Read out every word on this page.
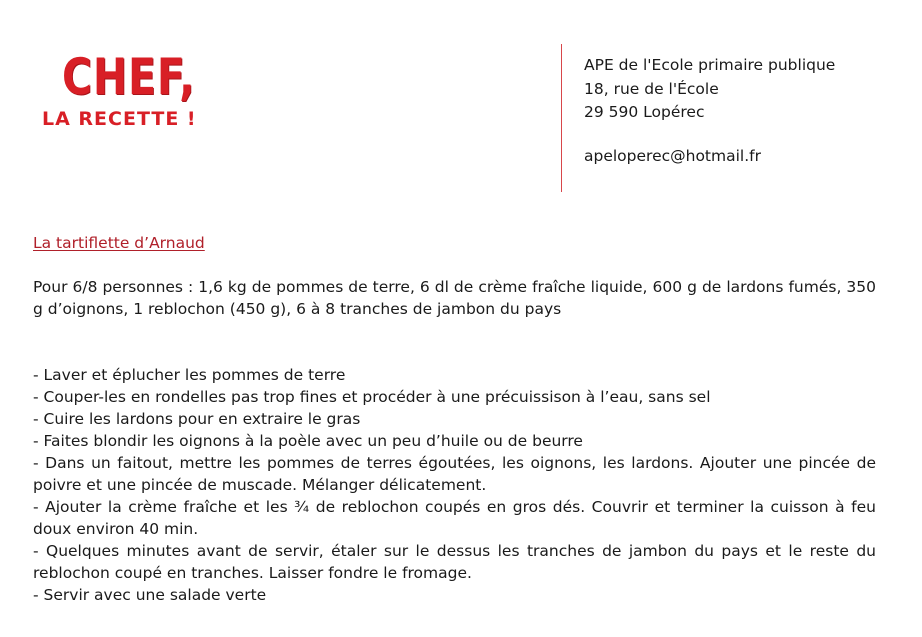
CHEF,
LA RECETTE !
APE de l'Ecole primaire publique
18, rue de l'École
29 590 Lopérec
apeloperec@hotmail.fr

La tartiflette d’Arnaud

Pour 6/8 personnes : 1,6 kg de pommes de terre, 6 dl de crème fraîche liquide, 600 g de lardons fumés, 350 g d’oignons, 1 reblochon (450 g), 6 à 8 tranches de jambon du pays

- Laver et éplucher les pommes de terre
- Couper-les en rondelles pas trop fines et procéder à une précuissison à l’eau, sans sel
- Cuire les lardons pour en extraire le gras
- Faites blondir les oignons à la poèle avec un peu d’huile ou de beurre
- Dans un faitout, mettre les pommes de terres égoutées, les oignons, les lardons. Ajouter une pincée de poivre et une pincée de muscade. Mélanger délicatement.
- Ajouter la crème fraîche et les ¾ de reblochon coupés en gros dés. Couvrir et terminer la cuisson à feu doux environ 40 min.
- Quelques minutes avant de servir, étaler sur le dessus les tranches de jambon du pays et le reste du reblochon coupé en tranches. Laisser fondre le fromage.
- Servir avec une salade verte
